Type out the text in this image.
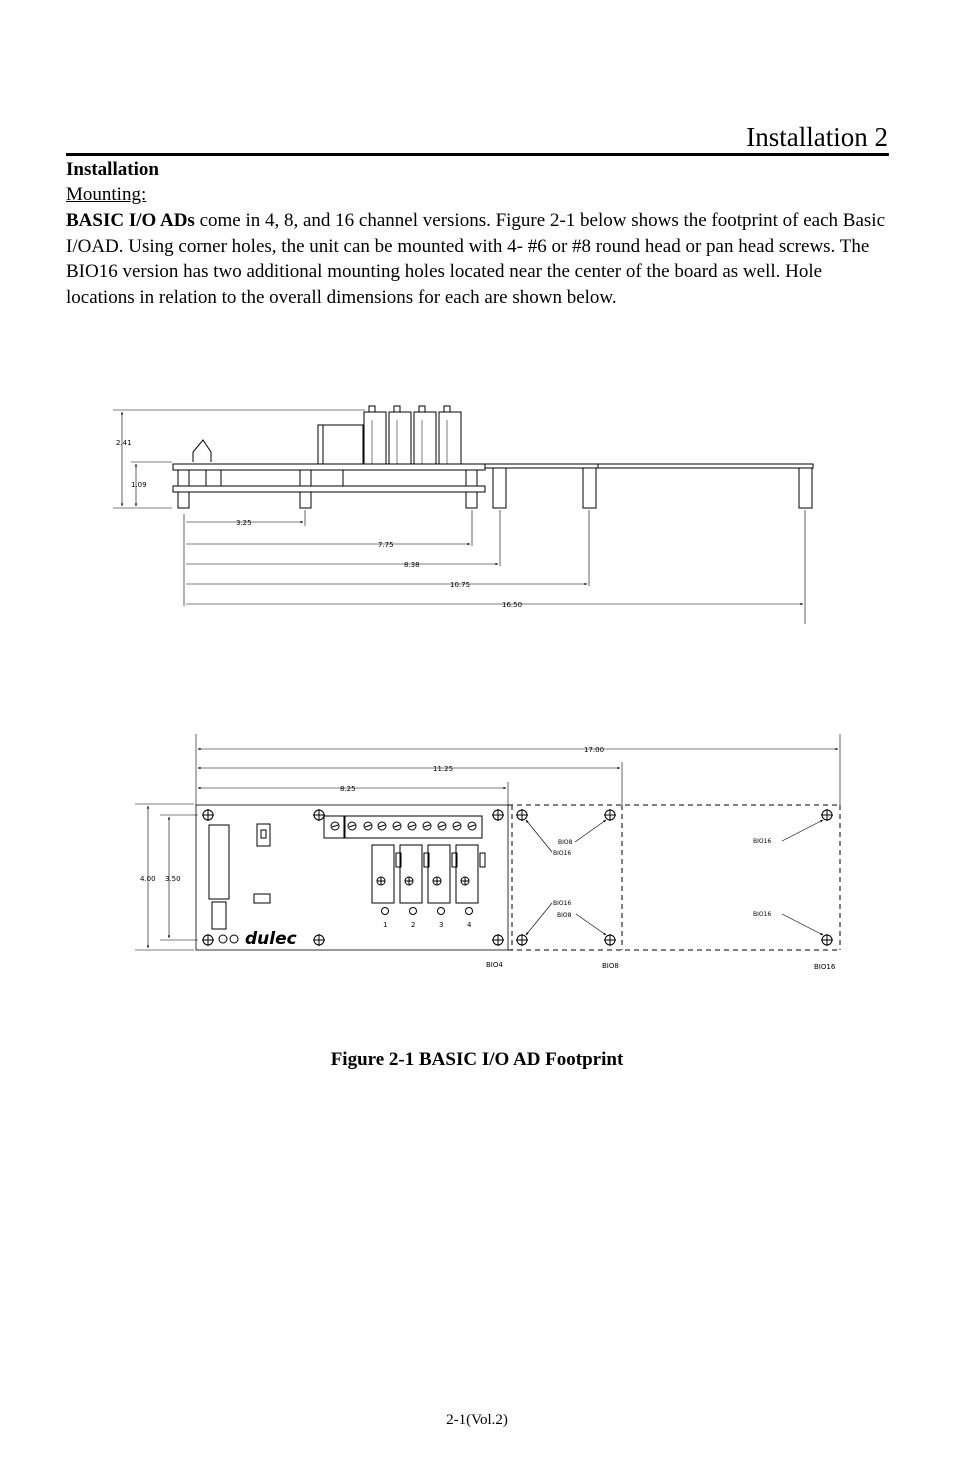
Installation 2
Installation
Mounting:
BASIC I/O ADs come in 4, 8, and 16 channel versions. Figure 2-1 below shows the footprint of each Basic I/OAD. Using corner holes, the unit can be mounted with 4- #6 or #8 round head or pan head screws. The BIO16 version has two additional mounting holes located near the center of the board as well. Hole locations in relation to the overall dimensions for each are shown below.
2.41
1.09
3.25
7.75
8.38
10.75
16.50
dulec
17.00
11.25
8.25
4.00 3.50
1	2	3	4
BIO8
BIO16
BIO16
BIO8
BIO16
BIO16
BIO4	BIO8	BIO16
Figure 2-1 BASIC I/O AD Footprint
2-1(Vol.2)
